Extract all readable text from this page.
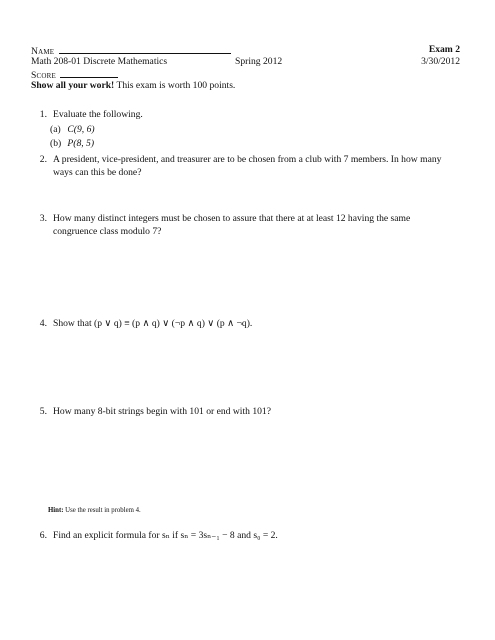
Name	Exam 2
Math 208-01 Discrete Mathematics	Spring 2012	3/30/2012
Score
Show all your work! This exam is worth 100 points.
1. Evaluate the following.
(a) C(9, 6)
(b) P(8, 5)
2. A president, vice-president, and treasurer are to be chosen from a club with 7 members. In how many ways can this be done?
3. How many distinct integers must be chosen to assure that there at at least 12 having the same congruence class modulo 7?
4. Show that (p ∨ q) ≡ (p ∧ q) ∨ (¬p ∧ q) ∨ (p ∧ ¬q).
5. How many 8-bit strings begin with 101 or end with 101?
Hint: Use the result in problem 4.
6. Find an explicit formula for sₙ if sₙ = 3sₙ₋₁ − 8 and s₀ = 2.
